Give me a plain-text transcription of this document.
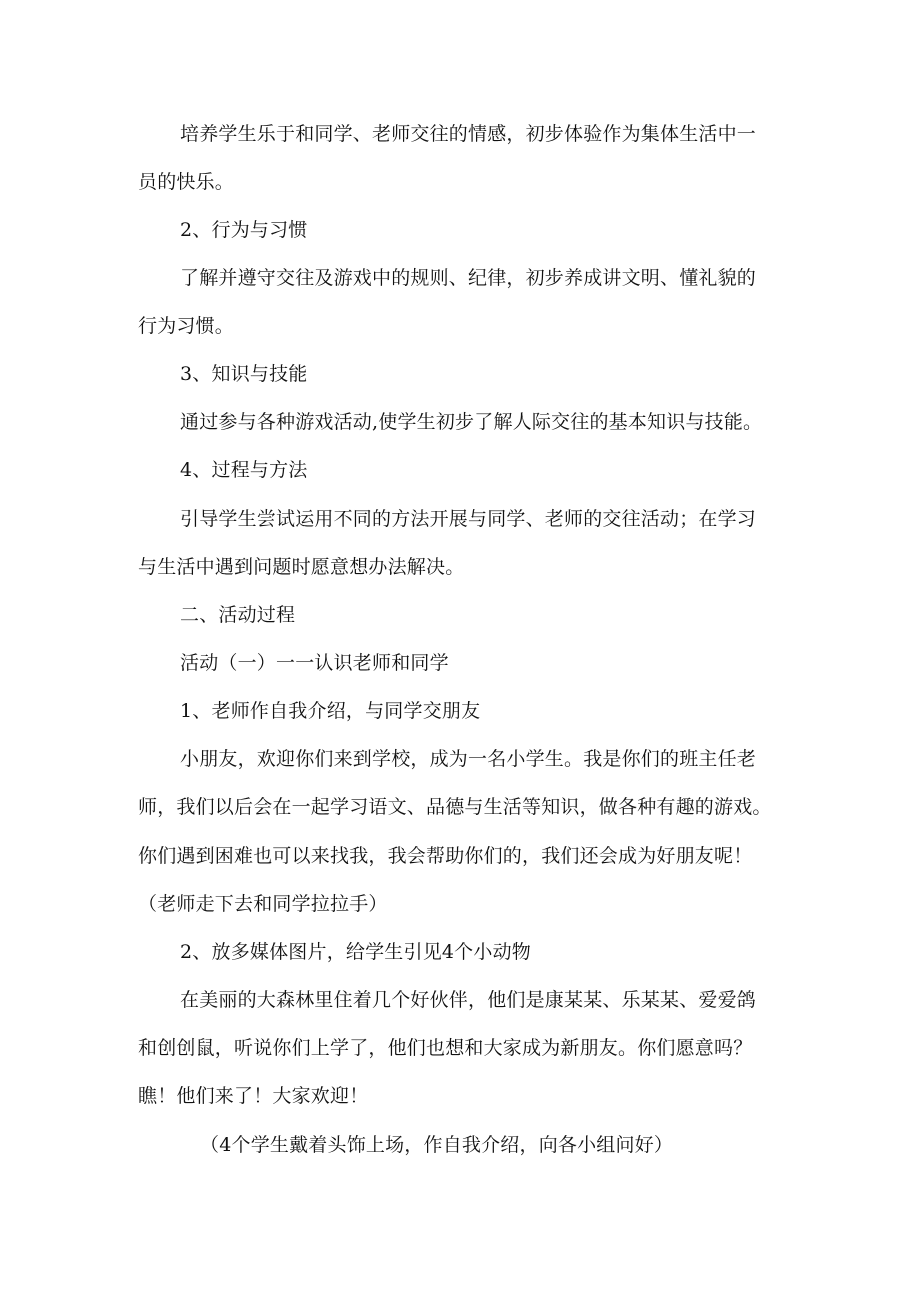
培养学生乐于和同学、老师交往的情感，初步体验作为集体生活中一
员的快乐。
2、行为与习惯
了解并遵守交往及游戏中的规则、纪律，初步养成讲文明、懂礼貌的
行为习惯。
3、知识与技能
通过参与各种游戏活动,使学生初步了解人际交往的基本知识与技能。
4、过程与方法
引导学生尝试运用不同的方法开展与同学、老师的交往活动；在学习
与生活中遇到问题时愿意想办法解决。
二、活动过程
活动（一）一一认识老师和同学
1、老师作自我介绍，与同学交朋友
小朋友，欢迎你们来到学校，成为一名小学生。我是你们的班主任老
师，我们以后会在一起学习语文、品德与生活等知识，做各种有趣的游戏。
你们遇到困难也可以来找我，我会帮助你们的，我们还会成为好朋友呢！
（老师走下去和同学拉拉手）
2、放多媒体图片，给学生引见4个小动物
在美丽的大森林里住着几个好伙伴，他们是康某某、乐某某、爱爱鸽
和创创鼠，听说你们上学了，他们也想和大家成为新朋友。你们愿意吗？
瞧！他们来了！大家欢迎！
（4个学生戴着头饰上场，作自我介绍，向各小组问好）
